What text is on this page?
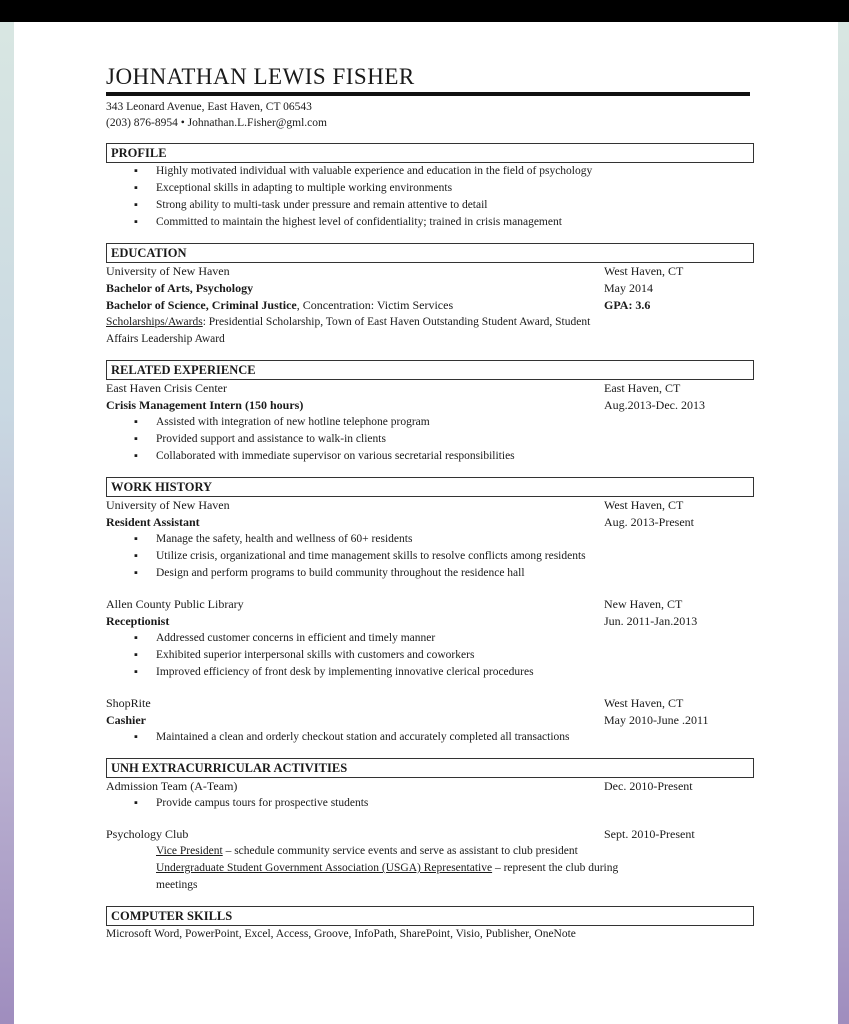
JOHNATHAN LEWIS FISHER
343 Leonard Avenue, East Haven, CT 06543
(203) 876-8954 • Johnathan.L.Fisher@gml.com
PROFILE
▪ Highly motivated individual with valuable experience and education in the field of psychology
▪ Exceptional skills in adapting to multiple working environments
▪ Strong ability to multi-task under pressure and remain attentive to detail
▪ Committed to maintain the highest level of confidentiality; trained in crisis management
EDUCATION
University of New Haven	West Haven, CT
Bachelor of Arts, Psychology	May 2014
Bachelor of Science, Criminal Justice, Concentration: Victim Services	GPA: 3.6
Scholarships/Awards: Presidential Scholarship, Town of East Haven Outstanding Student Award, Student
Affairs Leadership Award
RELATED EXPERIENCE
East Haven Crisis Center	East Haven, CT
Crisis Management Intern (150 hours)	Aug.2013-Dec. 2013
▪ Assisted with integration of new hotline telephone program
▪ Provided support and assistance to walk-in clients
▪ Collaborated with immediate supervisor on various secretarial responsibilities
WORK HISTORY
University of New Haven	West Haven, CT
Resident Assistant	Aug. 2013-Present
▪ Manage the safety, health and wellness of 60+ residents
▪ Utilize crisis, organizational and time management skills to resolve conflicts among residents
▪ Design and perform programs to build community throughout the residence hall
Allen County Public Library	New Haven, CT
Receptionist	Jun. 2011-Jan.2013
▪ Addressed customer concerns in efficient and timely manner
▪ Exhibited superior interpersonal skills with customers and coworkers
▪ Improved efficiency of front desk by implementing innovative clerical procedures
ShopRite	West Haven, CT
Cashier	May 2010-June .2011
▪ Maintained a clean and orderly checkout station and accurately completed all transactions
UNH EXTRACURRICULAR ACTIVITIES
Admission Team (A-Team)	Dec. 2010-Present
▪ Provide campus tours for prospective students
Psychology Club	Sept. 2010-Present
Vice President – schedule community service events and serve as assistant to club president
Undergraduate Student Government Association (USGA) Representative – represent the club during
meetings
COMPUTER SKILLS
Microsoft Word, PowerPoint, Excel, Access, Groove, InfoPath, SharePoint, Visio, Publisher, OneNote
